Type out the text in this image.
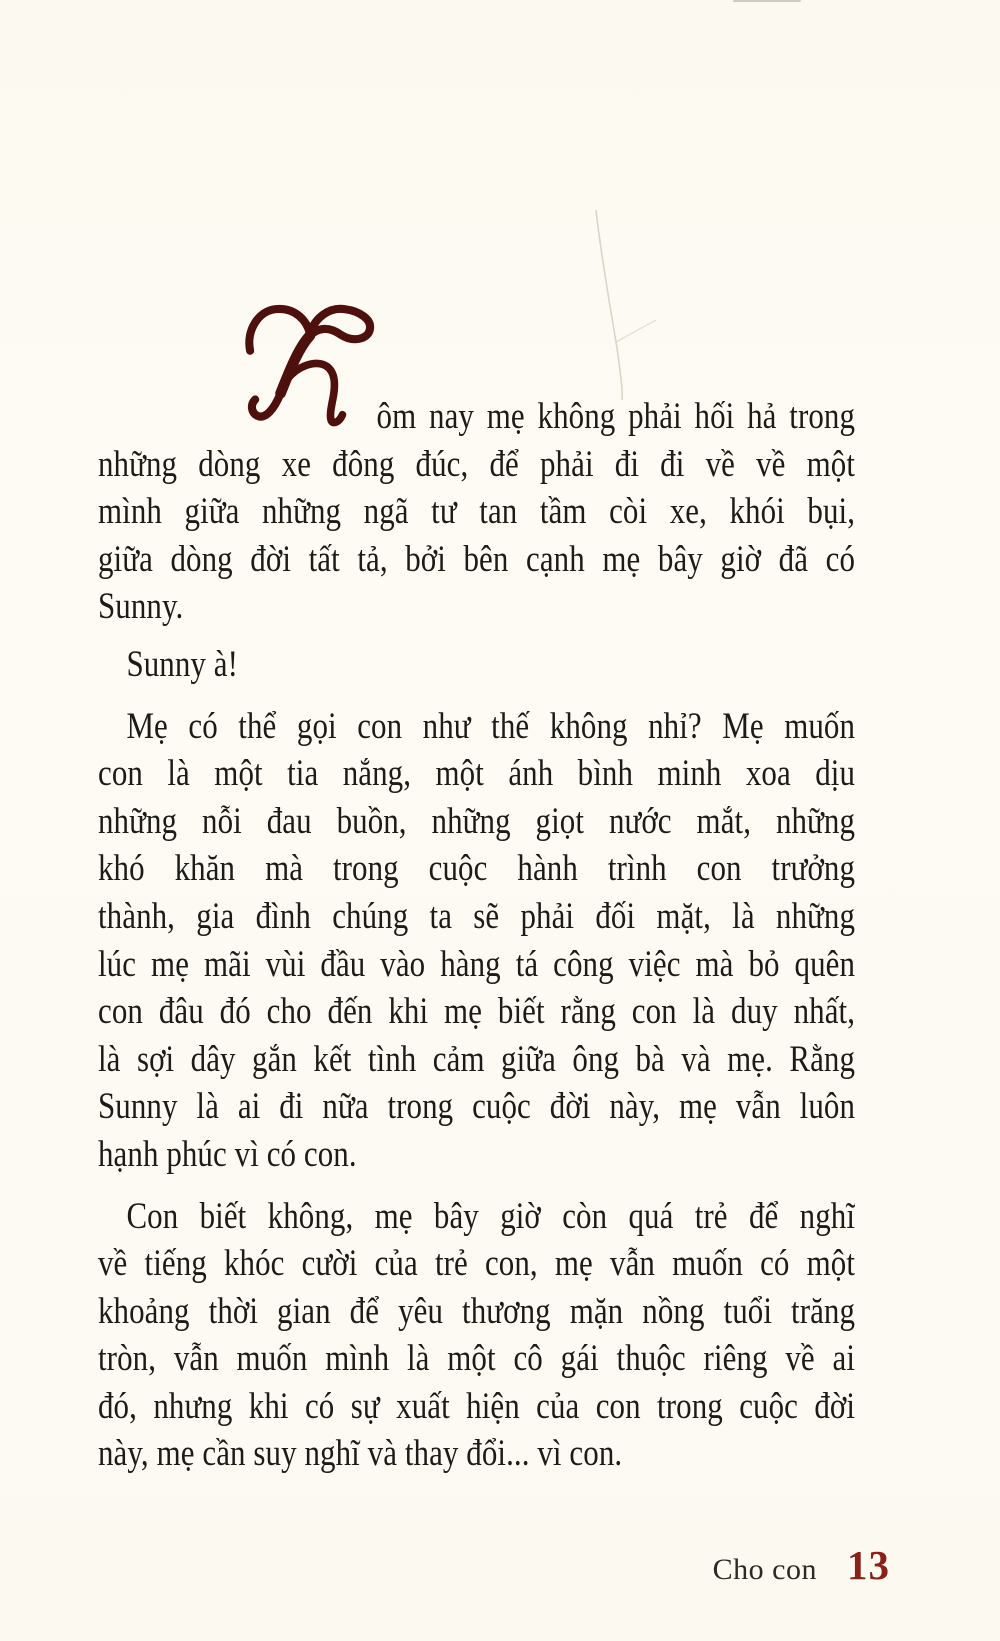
ôm nay mẹ không phải hối hả trong
những dòng xe đông đúc, để phải đi đi về về một
mình giữa những ngã tư tan tầm còi xe, khói bụi,
giữa dòng đời tất tả, bởi bên cạnh mẹ bây giờ đã có
Sunny.
Sunny à!
Mẹ có thể gọi con như thế không nhỉ? Mẹ muốn
con là một tia nắng, một ánh bình minh xoa dịu
những nỗi đau buồn, những giọt nước mắt, những
khó khăn mà trong cuộc hành trình con trưởng
thành, gia đình chúng ta sẽ phải đối mặt, là những
lúc mẹ mãi vùi đầu vào hàng tá công việc mà bỏ quên
con đâu đó cho đến khi mẹ biết rằng con là duy nhất,
là sợi dây gắn kết tình cảm giữa ông bà và mẹ. Rằng
Sunny là ai đi nữa trong cuộc đời này, mẹ vẫn luôn
hạnh phúc vì có con.
Con biết không, mẹ bây giờ còn quá trẻ để nghĩ
về tiếng khóc cười của trẻ con, mẹ vẫn muốn có một
khoảng thời gian để yêu thương mặn nồng tuổi trăng
tròn, vẫn muốn mình là một cô gái thuộc riêng về ai
đó, nhưng khi có sự xuất hiện của con trong cuộc đời
này, mẹ cần suy nghĩ và thay đổi... vì con.
Cho con 13
